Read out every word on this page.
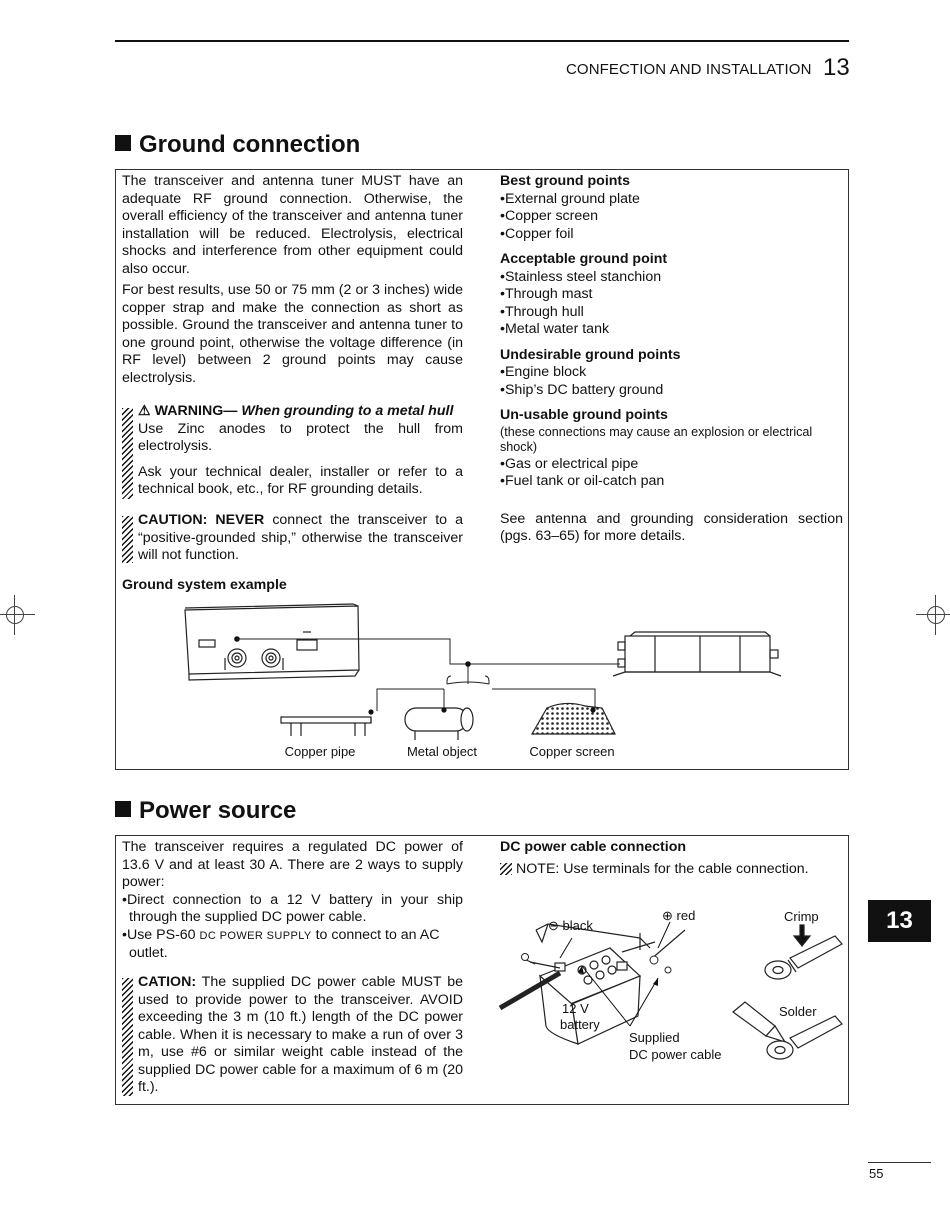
CONFECTION AND INSTALLATION 13
Ground connection

The transceiver and antenna tuner MUST have an adequate RF ground connection. Otherwise, the overall efficiency of the transceiver and antenna tuner installation will be reduced. Electrolysis, electrical shocks and interference from other equipment could also occur.

For best results, use 50 or 75 mm (2 or 3 inches) wide copper strap and make the connection as short as possible. Ground the transceiver and antenna tuner to one ground point, otherwise the voltage difference (in RF level) between 2 ground points may cause electrolysis.

⚠ WARNING— When grounding to a metal hull

Use Zinc anodes to protect the hull from electrolysis.

Ask your technical dealer, installer or refer to a technical book, etc., for RF grounding details.

CAUTION: NEVER connect the transceiver to a “positive-grounded ship,” otherwise the transceiver will not function.

Best ground points

•External ground plate

•Copper screen

•Copper foil

Acceptable ground point

•Stainless steel stanchion

•Through mast

•Through hull

•Metal water tank

Undesirable ground points

•Engine block

•Ship’s DC battery ground

Un-usable ground points

(these connections may cause an explosion or electrical shock)

•Gas or electrical pipe

•Fuel tank or oil-catch pan

See antenna and grounding consideration section (pgs. 63–65) for more details.

Ground system example
Copper pipe	Metal object	Copper screen
Power source

The transceiver requires a regulated DC power of 13.6 V and at least 30 A. There are 2 ways to supply power:

•Direct connection to a 12 V battery in your ship through the supplied DC power cable.

•Use PS-60 DC POWER SUPPLY to connect to an AC outlet.

CATION: The supplied DC power cable MUST be used to provide power to the transceiver. AVOID exceeding the 3 m (10 ft.) length of the DC power cable. When it is necessary to make a run of over 3 m, use #6 or similar weight cable instead of the supplied DC power cable for a maximum of 6 m (20 ft.).
DC power cable connection
NOTE: Use terminals for the cable connection.
⊖ black
⊕ red	Crimp
12 V
battery
Supplied
DC power cable
Solder
13
55
